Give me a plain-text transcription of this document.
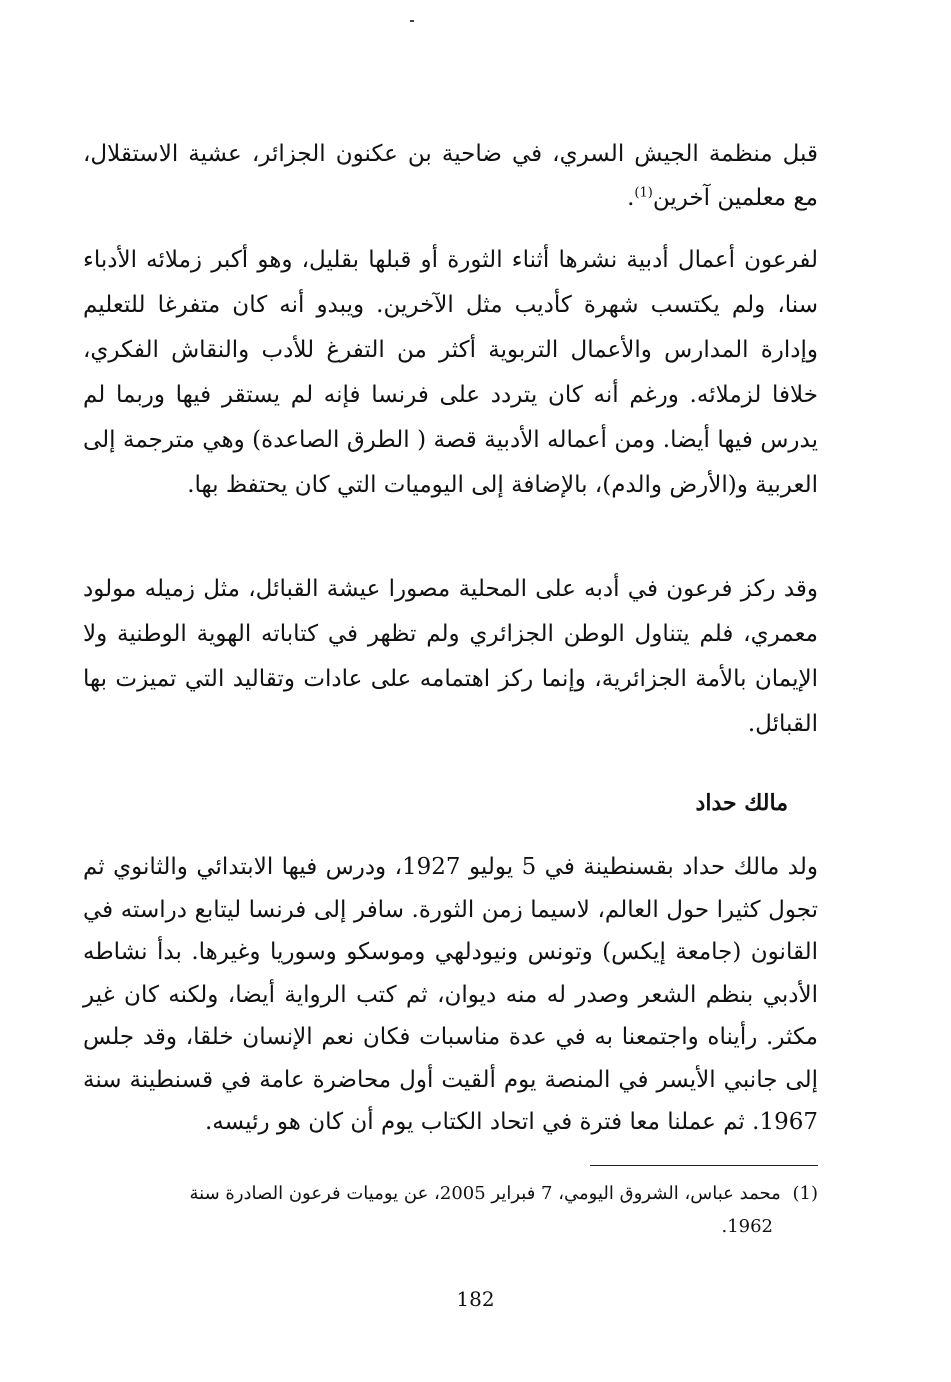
قبل منظمة الجيش السري، في ضاحية بن عكنون الجزائر، عشية الاستقلال، مع معلمين آخرين$^{(1)}$.

لفرعون أعمال أدبية نشرها أثناء الثورة أو قبلها بقليل، وهو أكبر زملائه الأدباء سنا، ولم يكتسب شهرة كأديب مثل الآخرين. ويبدو أنه كان متفرغا للتعليم وإدارة المدارس والأعمال التربوية أكثر من التفرغ للأدب والنقاش الفكري، خلافا لزملائه. ورغم أنه كان يتردد على فرنسا فإنه لم يستقر فيها وربما لم يدرس فيها أيضا. ومن أعماله الأدبية قصة ( الطرق الصاعدة) وهي مترجمة إلى العربية و(الأرض والدم)، بالإضافة إلى اليوميات التي كان يحتفظ بها.

وقد ركز فرعون في أدبه على المحلية مصورا عيشة القبائل، مثل زميله مولود معمري، فلم يتناول الوطن الجزائري ولم تظهر في كتاباته الهوية الوطنية ولا الإيمان بالأمة الجزائرية، وإنما ركز اهتمامه على عادات وتقاليد التي تميزت بها القبائل.

مالك حداد

ولد مالك حداد بقسنطينة في 5 يوليو 1927، ودرس فيها الابتدائي والثانوي ثم تجول كثيرا حول العالم، لاسيما زمن الثورة. سافر إلى فرنسا ليتابع دراسته في القانون (جامعة إيكس) وتونس ونيودلهي وموسكو وسوريا وغيرها. بدأ نشاطه الأدبي بنظم الشعر وصدر له منه ديوان، ثم كتب الرواية أيضا، ولكنه كان غير مكثر. رأيناه واجتمعنا به في عدة مناسبات فكان نعم الإنسان خلقا، وقد جلس إلى جانبي الأيسر في المنصة يوم ألقيت أول محاضرة عامة في قسنطينة سنة 1967. ثم عملنا معا فترة في اتحاد الكتاب يوم أن كان هو رئيسه.

(1) محمد عباس، الشروق اليومي، 7 فبراير 2005، عن يوميات فرعون الصادرة سنة
1962.
182
